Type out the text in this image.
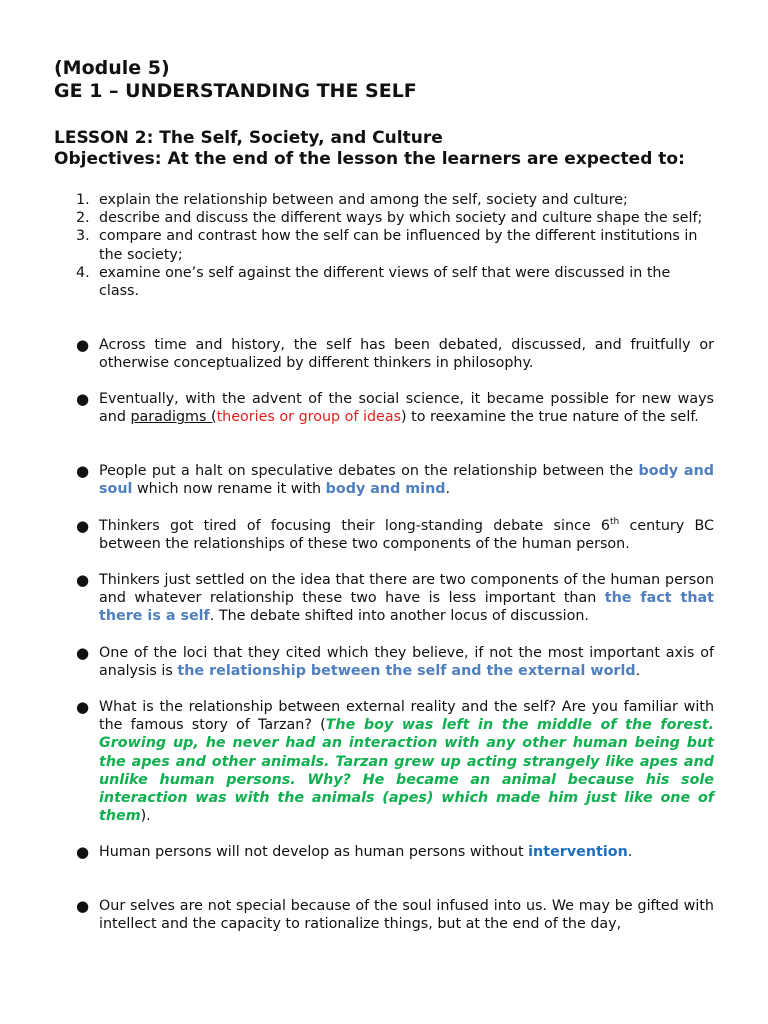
(Module 5)
GE 1 – UNDERSTANDING THE SELF
LESSON 2: The Self, Society, and Culture
Objectives: At the end of the lesson the learners are expected to:
1. explain the relationship between and among the self, society and culture;
2. describe and discuss the different ways by which society and culture shape the self;
3. compare and contrast how the self can be influenced by the different institutions in the society;
4. examine one’s self against the different views of self that were discussed in the class.
● Across time and history, the self has been debated, discussed, and fruitfully or otherwise conceptualized by different thinkers in philosophy.
● Eventually, with the advent of the social science, it became possible for new ways and paradigms (theories or group of ideas) to reexamine the true nature of the self.
● People put a halt on speculative debates on the relationship between the body and soul which now rename it with body and mind.
● Thinkers got tired of focusing their long-standing debate since 6th century BC between the relationships of these two components of the human person.
● Thinkers just settled on the idea that there are two components of the human person and whatever relationship these two have is less important than the fact that there is a self. The debate shifted into another locus of discussion.
● One of the loci that they cited which they believe, if not the most important axis of analysis is the relationship between the self and the external world.
● What is the relationship between external reality and the self? Are you familiar with the famous story of Tarzan? (The boy was left in the middle of the forest. Growing up, he never had an interaction with any other human being but the apes and other animals. Tarzan grew up acting strangely like apes and unlike human persons. Why? He became an animal because his sole interaction was with the animals (apes) which made him just like one of them).
● Human persons will not develop as human persons without intervention.
● Our selves are not special because of the soul infused into us. We may be gifted with intellect and the capacity to rationalize things, but at the end of the day,
